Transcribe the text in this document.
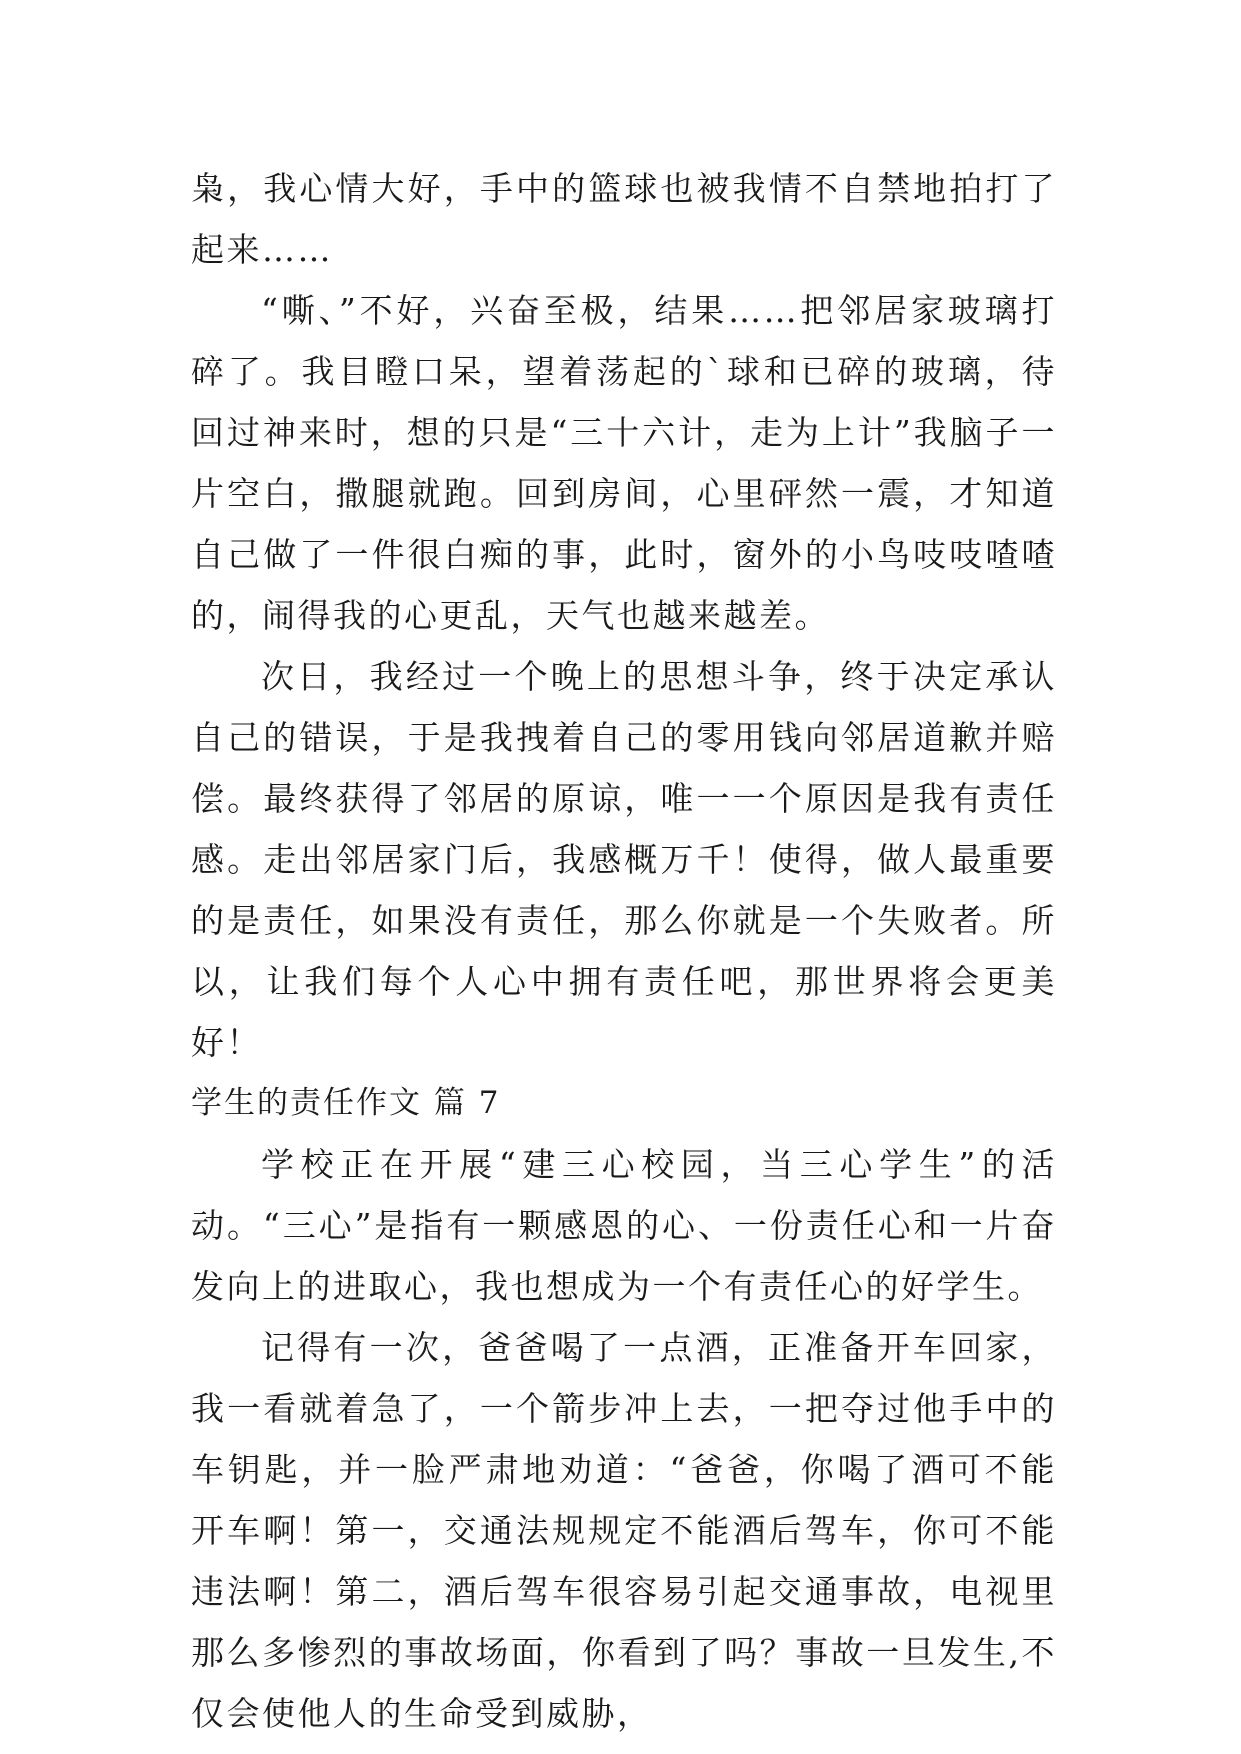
枭，我心情大好，手中的篮球也被我情不自禁地拍打了起来……

“嘶、”不好，兴奋至极，结果……把邻居家玻璃打碎了。我目瞪口呆，望着荡起的`球和已碎的玻璃，待回过神来时，想的只是“三十六计，走为上计”我脑子一片空白，撒腿就跑。回到房间，心里砰然一震，才知道自己做了一件很白痴的事，此时，窗外的小鸟吱吱喳喳的，闹得我的心更乱，天气也越来越差。

次日，我经过一个晚上的思想斗争，终于决定承认自己的错误，于是我拽着自己的零用钱向邻居道歉并赔偿。最终获得了邻居的原谅，唯一一个原因是我有责任感。走出邻居家门后，我感概万千！使得，做人最重要的是责任，如果没有责任，那么你就是一个失败者。所以，让我们每个人心中拥有责任吧，那世界将会更美好！

学生的责任作文 篇 7

学校正在开展“建三心校园，当三心学生”的活动。“三心”是指有一颗感恩的心、一份责任心和一片奋发向上的进取心，我也想成为一个有责任心的好学生。

记得有一次，爸爸喝了一点酒，正准备开车回家，我一看就着急了，一个箭步冲上去，一把夺过他手中的车钥匙，并一脸严肃地劝道：“爸爸，你喝了酒可不能开车啊！第一，交通法规规定不能酒后驾车，你可不能违法啊！第二，酒后驾车很容易引起交通事故，电视里那么多惨烈的事故场面，你看到了吗？事故一旦发生,不仅会使他人的生命受到威胁，
